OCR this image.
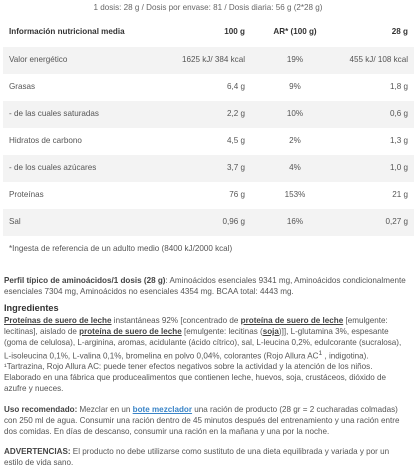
1 dosis: 28 g / Dosis por envase: 81 / Dosis diaria: 56 g (2*28 g)
Información nutricional media	100 g	AR* (100 g)	28 g
Valor energético	1625 kJ/ 384 kcal	19%	455 kJ/ 108 kcal
Grasas	6,4 g	9%	1,8 g
- de las cuales saturadas	2,2 g	10%	0,6 g
Hidratos de carbono	4,5 g	2%	1,3 g
- de los cuales azúcares	3,7 g	4%	1,0 g
Proteínas	76 g	153%	21 g
Sal	0,96 g	16%	0,27 g
*Ingesta de referencia de un adulto medio (8400 kJ/2000 kcal)			
Perfil típico de aminoácidos/1 dosis (28 g): Aminoácidos esenciales 9341 mg, Aminoácidos condicionalmente esenciales 7304 mg, Aminoácidos no esenciales 4354 mg. BCAA total: 4443 mg.
Ingredientes
Proteínas de suero de leche instantáneas 92% [concentrado de proteína de suero de leche [emulgente: lecitinas], aislado de proteína de suero de leche [emulgente: lecitinas (soja)]], L-glutamina 3%, espesante (goma de celulosa), L-arginina, aromas, acidulante (ácido cítrico), sal, L-leucina 0,2%, edulcorante (sucralosa), L-isoleucina 0,1%, L-valina 0,1%, bromelina en polvo 0,04%, colorantes (Rojo Allura $AC^1$ , indigotina).
¹Tartrazina, Rojo Allura AC: puede tener efectos negativos sobre la actividad y la atención de los niños.
Elaborado en una fábrica que produceal​imentos que contienen leche, huevos, soja, crustáceos, dióxido de azufre y nueces.
Uso recomendado: Mezclar en un bote mezclador una ración de producto (28 gr = 2 cucharadas colmadas) con 250 ml de agua. Consumir una ración dentro de 45 minutos después del entrenamiento y una ración entre dos comidas. En días de descanso, consumir una ración en la mañana y una por la noche.
ADVERTENCIAS: El producto no debe utilizarse como sustituto de una dieta equilibrada y variada y por un estilo de vida sano.
